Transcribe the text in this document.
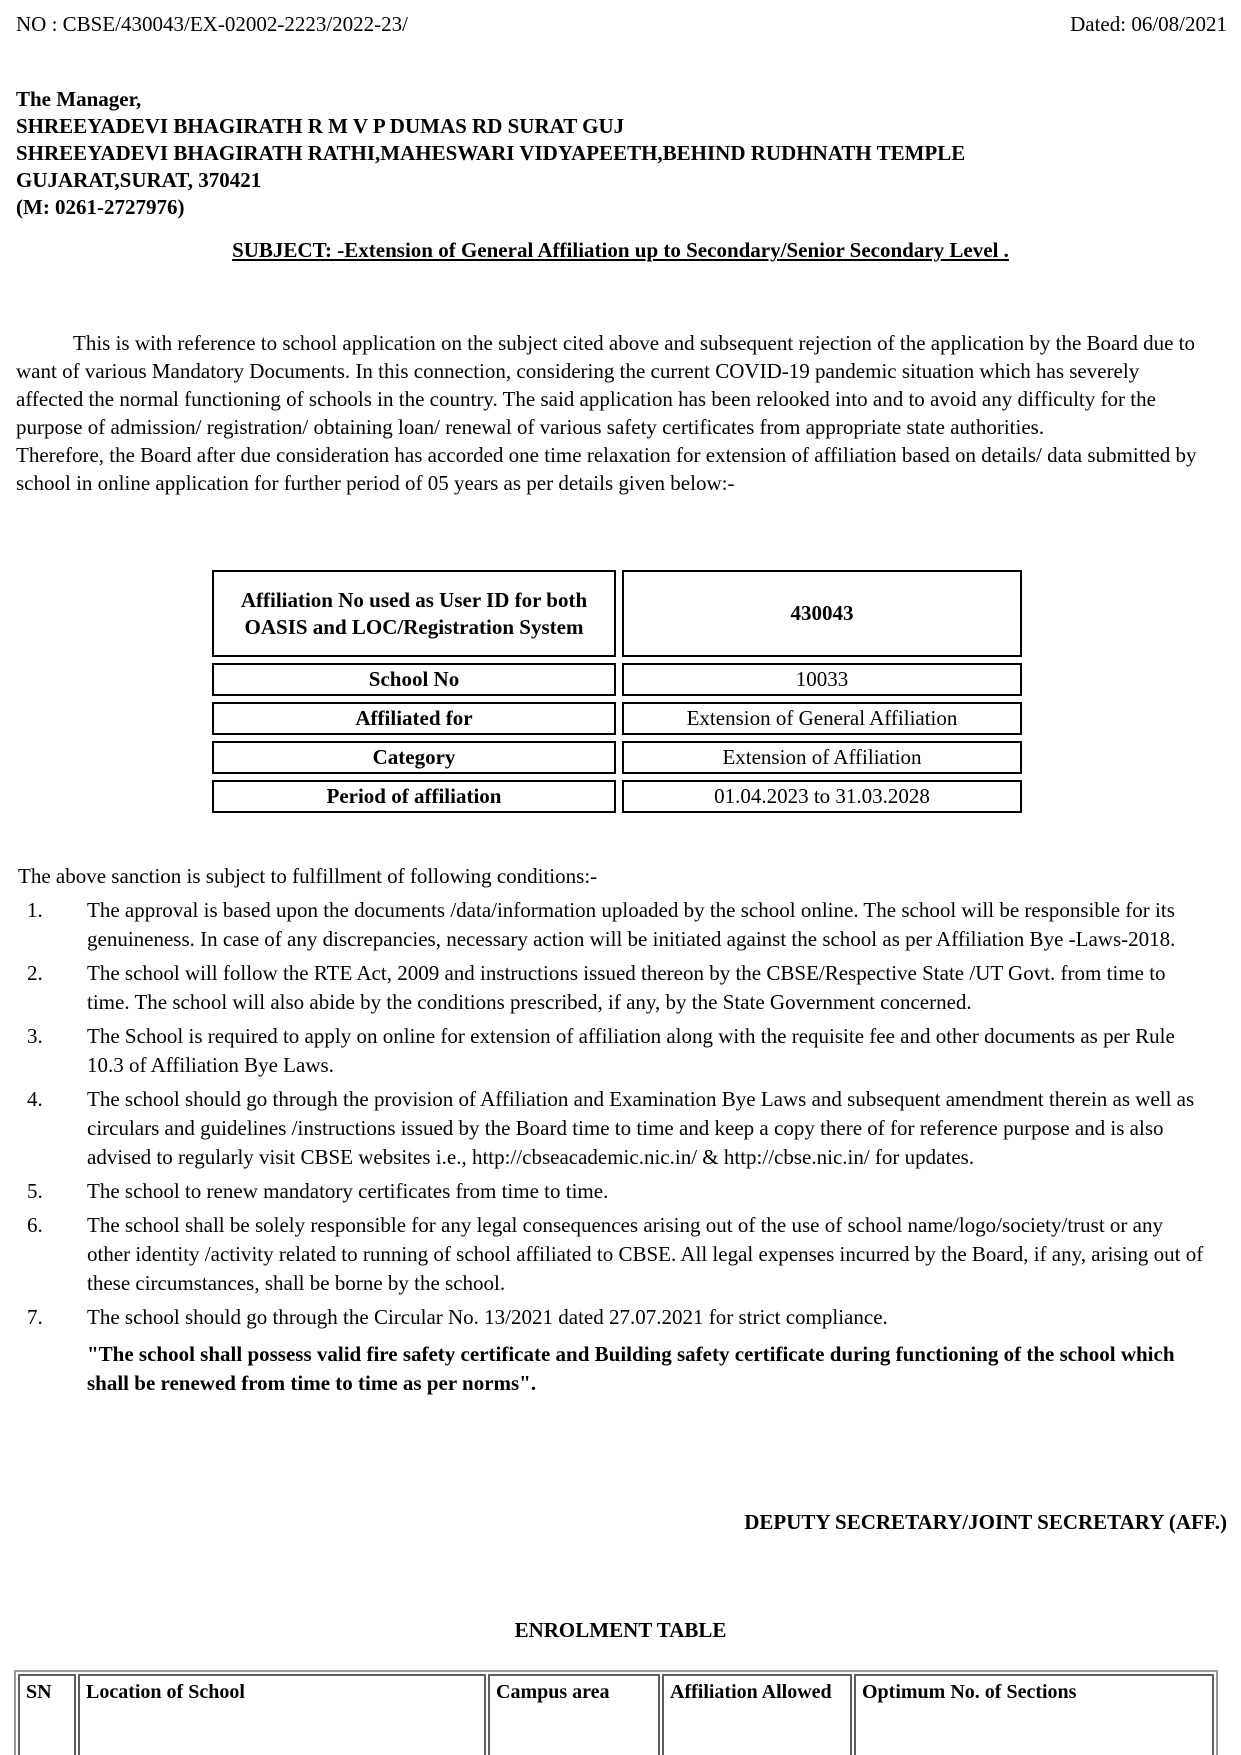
NO : CBSE/430043/EX-02002-2223/2022-23/	Dated: 06/08/2021
The Manager,
SHREEYADEVI BHAGIRATH R M V P DUMAS RD SURAT GUJ
SHREEYADEVI BHAGIRATH RATHI,MAHESWARI VIDYAPEETH,BEHIND RUDHNATH TEMPLE
GUJARAT,SURAT, 370421
(M: 0261-2727976)
SUBJECT: -Extension of General Affiliation up to Secondary/Senior Secondary Level .

This is with reference to school application on the subject cited above and subsequent rejection of the application by the Board due to want of various Mandatory Documents. In this connection, considering the current COVID-19 pandemic situation which has severely affected the normal functioning of schools in the country. The said application has been relooked into and to avoid any difficulty for the purpose of admission/ registration/ obtaining loan/ renewal of various safety certificates from appropriate state authorities.

Therefore, the Board after due consideration has accorded one time relaxation for extension of affiliation based on details/ data submitted by school in online application for further period of 05 years as per details given below:-

Affiliation No used as User ID for both OASIS and LOC/Registration System	430043
School No	10033
Affiliated for	Extension of General Affiliation
Category	Extension of Affiliation
Period of affiliation	01.04.2023 to 31.03.2028
The above sanction is subject to fulfillment of following conditions:-
1. The approval is based upon the documents /data/information uploaded by the school online. The school will be responsible for its genuineness. In case of any discrepancies, necessary action will be initiated against the school as per Affiliation Bye -Laws-2018.
2. The school will follow the RTE Act, 2009 and instructions issued thereon by the CBSE/Respective State /UT Govt. from time to time. The school will also abide by the conditions prescribed, if any, by the State Government concerned.
3. The School is required to apply on online for extension of affiliation along with the requisite fee and other documents as per Rule 10.3 of Affiliation Bye Laws.
4. The school should go through the provision of Affiliation and Examination Bye Laws and subsequent amendment therein as well as circulars and guidelines /instructions issued by the Board time to time and keep a copy there of for reference purpose and is also advised to regularly visit CBSE websites i.e., http://cbseacademic.nic.in/ & http://cbse.nic.in/ for updates.
5. The school to renew mandatory certificates from time to time.
6. The school shall be solely responsible for any legal consequences arising out of the use of school name/logo/society/trust or any other identity /activity related to running of school affiliated to CBSE. All legal expenses incurred by the Board, if any, arising out of these circumstances, shall be borne by the school.
7. The school should go through the Circular No. 13/2021 dated 27.07.2021 for strict compliance.
"The school shall possess valid fire safety certificate and Building safety certificate during functioning of the school which shall be renewed from time to time as per norms".
DEPUTY SECRETARY/JOINT SECRETARY (AFF.)
ENROLMENT TABLE
SN	Location of School	Campus area	Affiliation Allowed	Optimum No. of Sections
